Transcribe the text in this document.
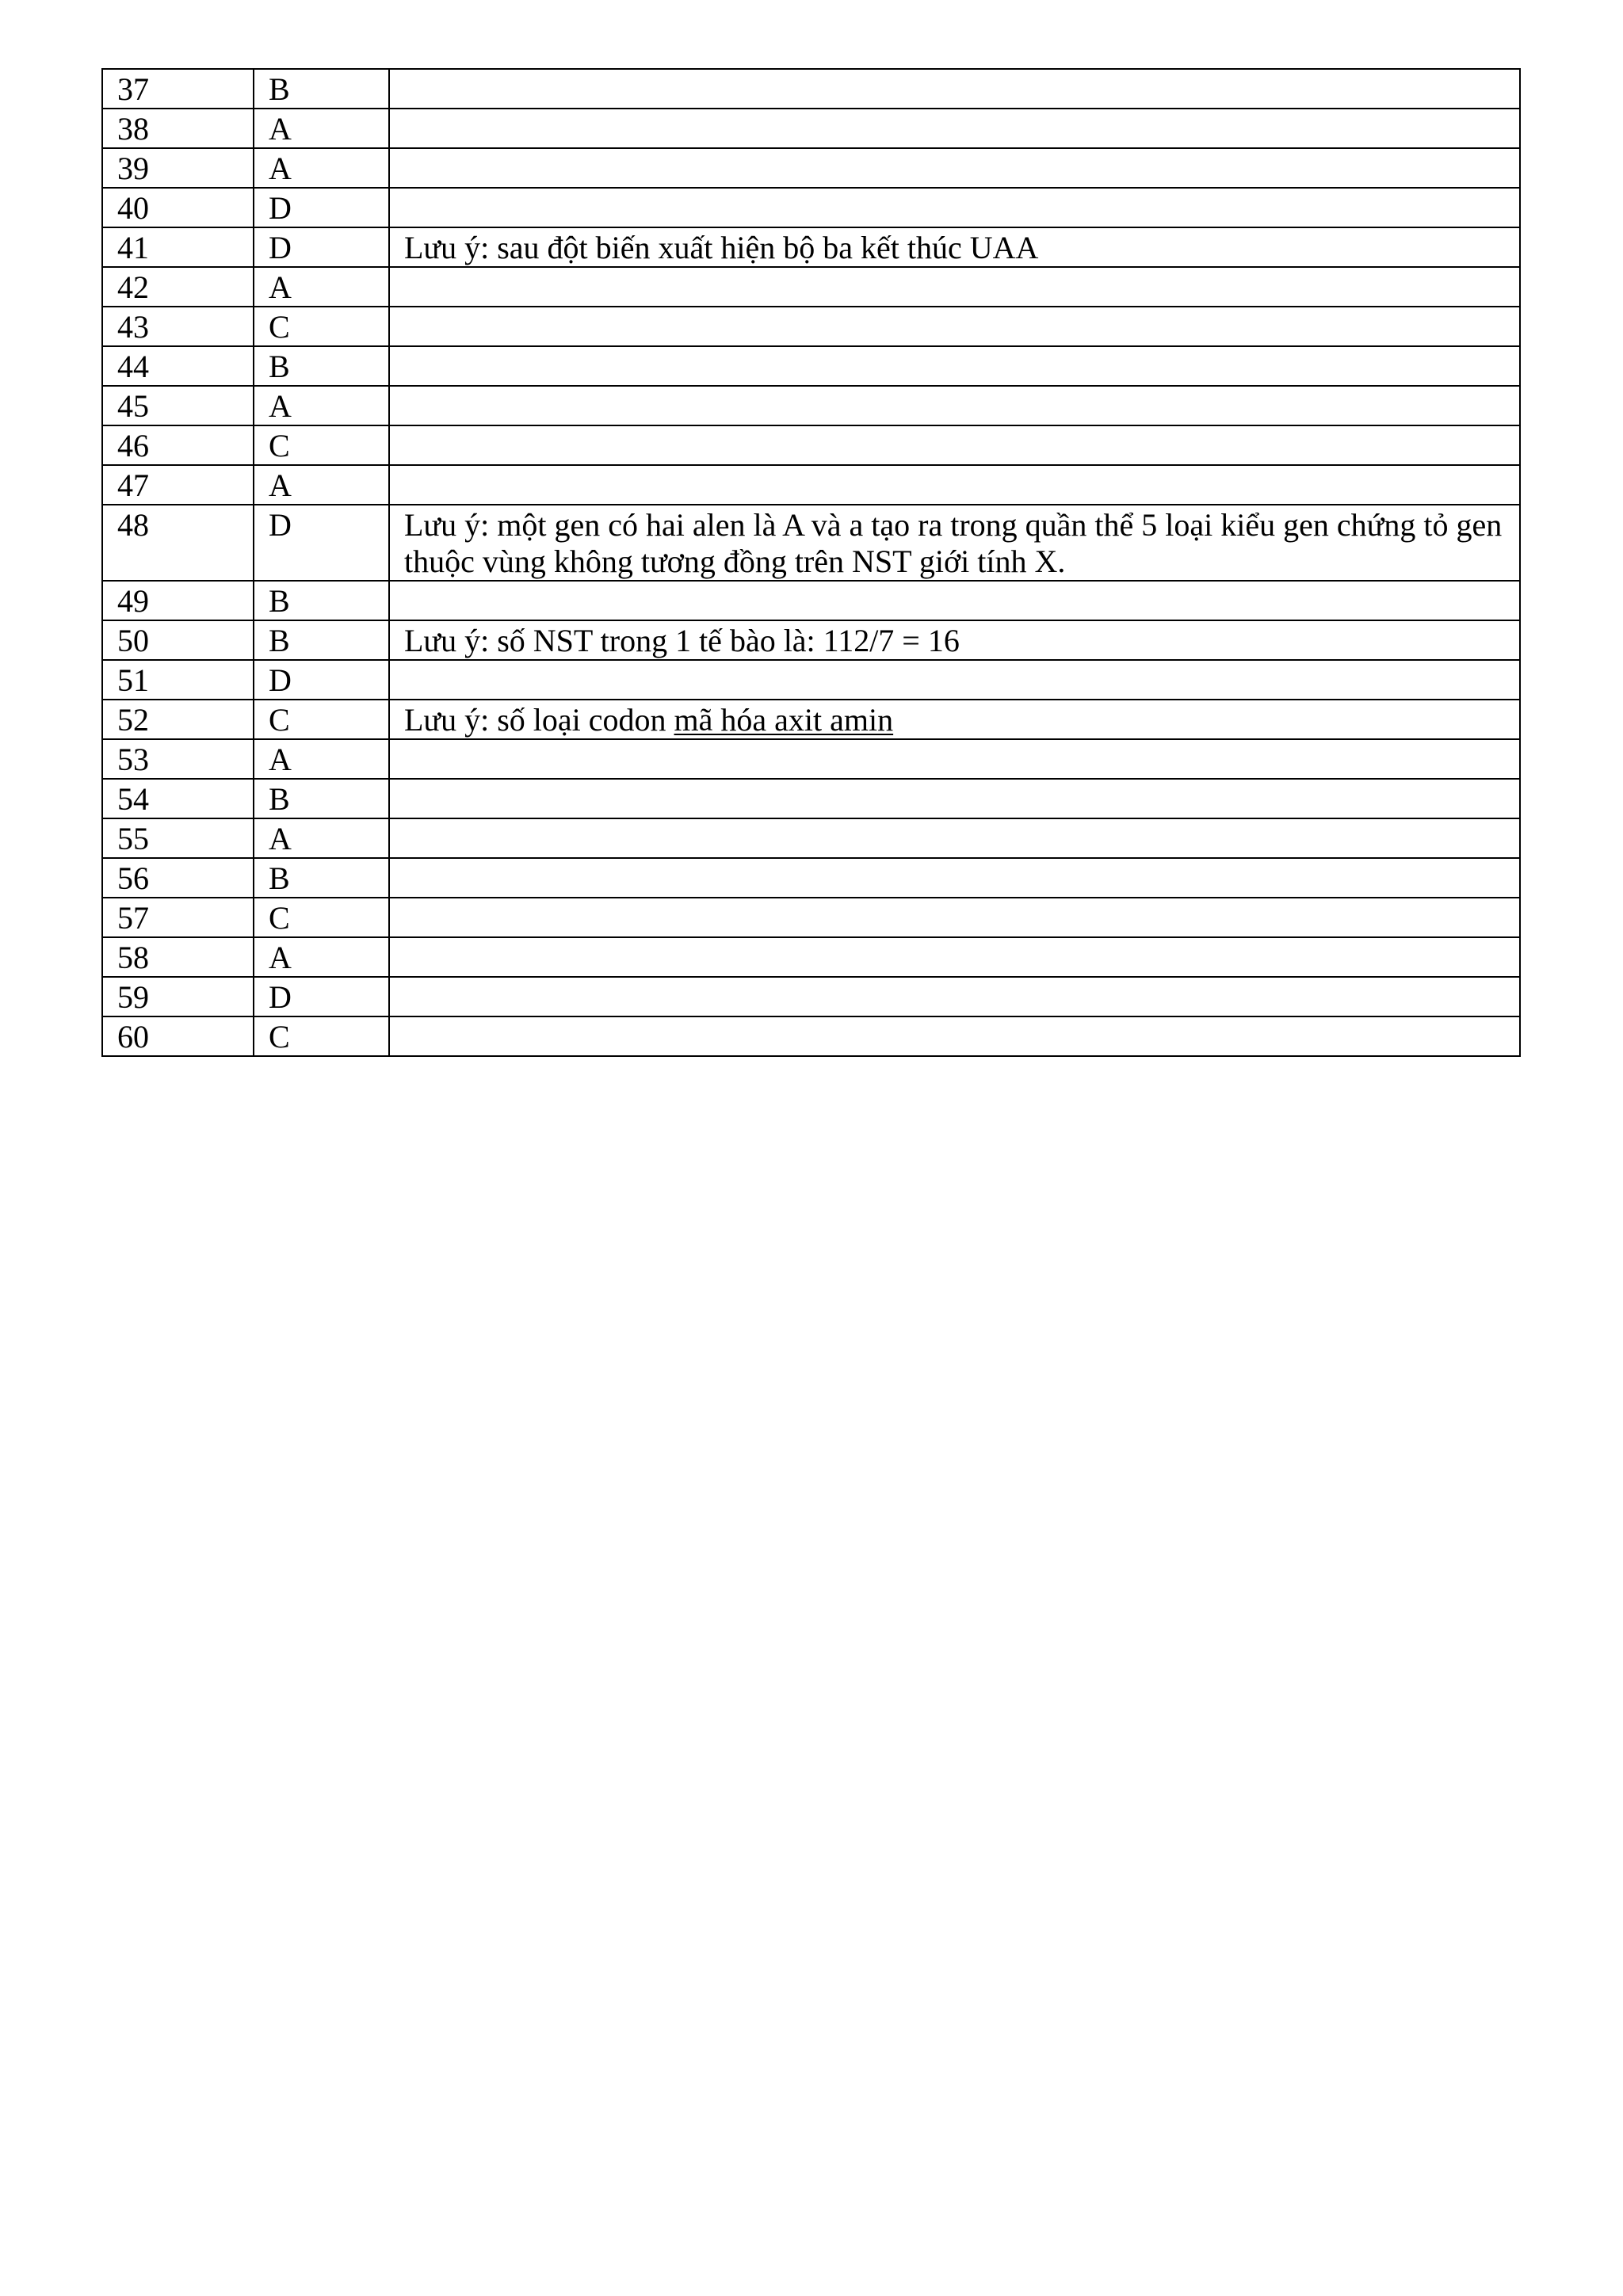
37	B	
38	A	
39	A	
40	D	
41	D	Lưu ý: sau đột biến xuất hiện bộ ba kết thúc UAA
42	A	
43	C	
44	B	
45	A	
46	C	
47	A	
48	D	Lưu ý: một gen có hai alen là A và a tạo ra trong quần thể 5 loại kiểu gen chứng tỏ gen thuộc vùng không tương đồng trên NST giới tính X.
49	B	
50	B	Lưu ý: số NST trong 1 tế bào là: 112/7 = 16
51	D	
52	C	Lưu ý: số loại codon mã hóa axit amin
53	A	
54	B	
55	A	
56	B	
57	C	
58	A	
59	D	
60	C	
